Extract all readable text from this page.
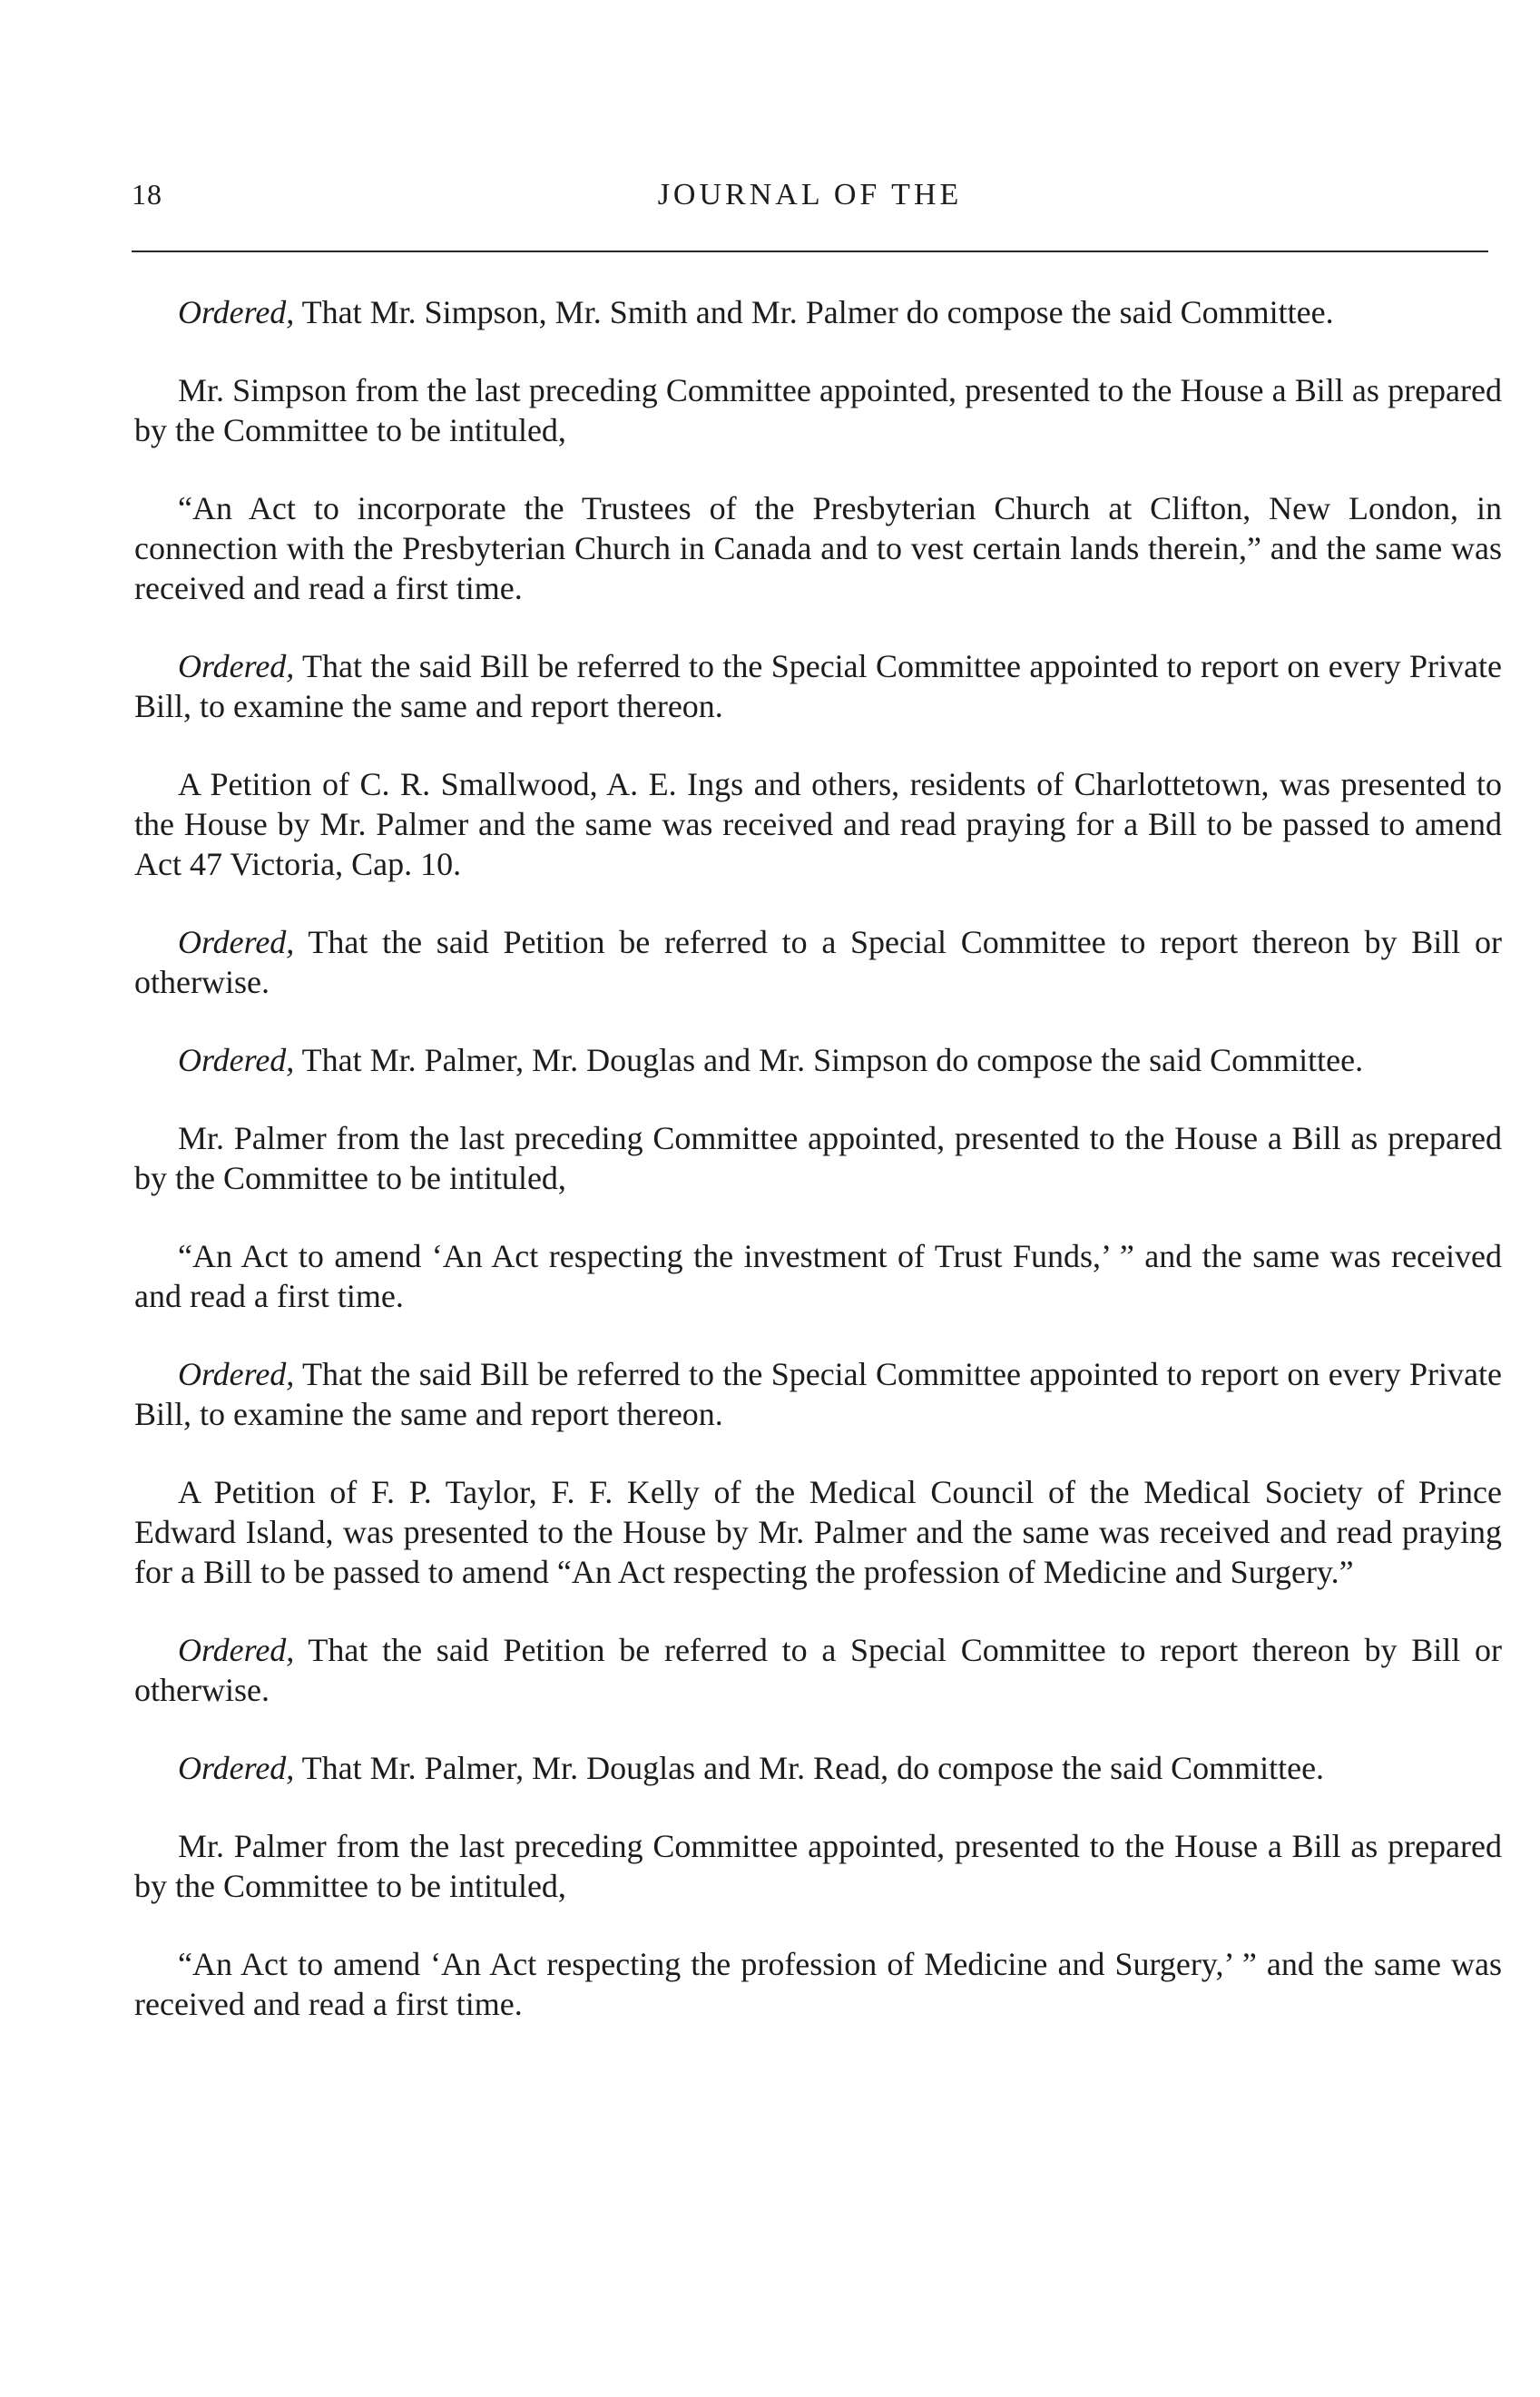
18	JOURNAL OF THE

Ordered, That Mr. Simpson, Mr. Smith and Mr. Palmer do compose the said Committee.

Mr. Simpson from the last preceding Committee appointed, presented to the House a Bill as prepared by the Committee to be intituled,

“An Act to incorporate the Trustees of the Presbyterian Church at Clifton, New London, in connection with the Presbyterian Church in Canada and to vest certain lands therein,” and the same was received and read a first time.

Ordered, That the said Bill be referred to the Special Committee appointed to report on every Private Bill, to examine the same and report thereon.

A Petition of C. R. Smallwood, A. E. Ings and others, residents of Charlottetown, was presented to the House by Mr. Palmer and the same was received and read praying for a Bill to be passed to amend Act 47 Victoria, Cap. 10.

Ordered, That the said Petition be referred to a Special Committee to report thereon by Bill or otherwise.

Ordered, That Mr. Palmer, Mr. Douglas and Mr. Simpson do compose the said Committee.

Mr. Palmer from the last preceding Committee appointed, presented to the House a Bill as prepared by the Committee to be intituled,

“An Act to amend ‘An Act respecting the investment of Trust Funds,’ ” and the same was received and read a first time.

Ordered, That the said Bill be referred to the Special Committee appointed to report on every Private Bill, to examine the same and report thereon.

A Petition of F. P. Taylor, F. F. Kelly of the Medical Council of the Medical Society of Prince Edward Island, was presented to the House by Mr. Palmer and the same was received and read praying for a Bill to be passed to amend “An Act respecting the profession of Medicine and Surgery.”

Ordered, That the said Petition be referred to a Special Committee to report thereon by Bill or otherwise.

Ordered, That Mr. Palmer, Mr. Douglas and Mr. Read, do compose the said Committee.

Mr. Palmer from the last preceding Committee appointed, presented to the House a Bill as prepared by the Committee to be intituled,

“An Act to amend ‘An Act respecting the profession of Medicine and Surgery,’ ” and the same was received and read a first time.
